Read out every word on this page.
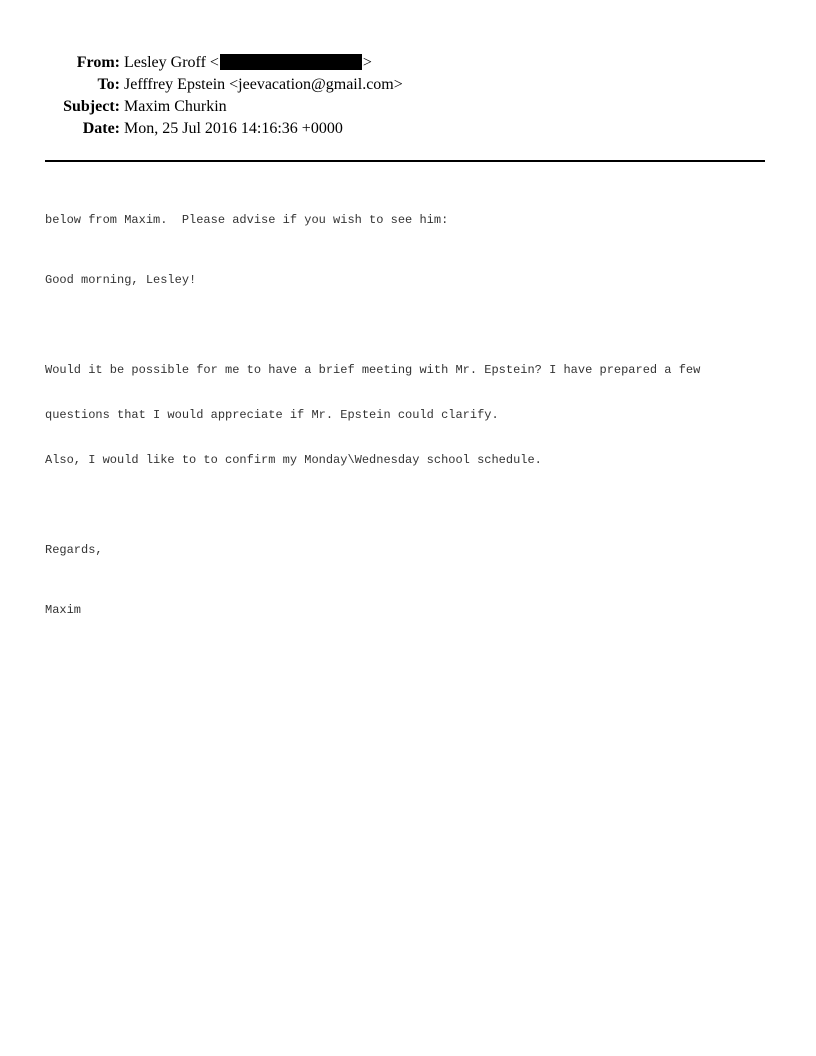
From: Lesley Groff <	>
To: Jefffrey Epstein <jeevacation@gmail.com>
Subject: Maxim Churkin
Date: Mon, 25 Jul 2016 14:16:36 +0000

below from Maxim.  Please advise if you wish to see him:

Good morning, Lesley!

Would it be possible for me to have a brief meeting with Mr. Epstein? I have prepared a few

questions that I would appreciate if Mr. Epstein could clarify.

Also, I would like to to confirm my Monday\Wednesday school schedule.

Regards,

Maxim
